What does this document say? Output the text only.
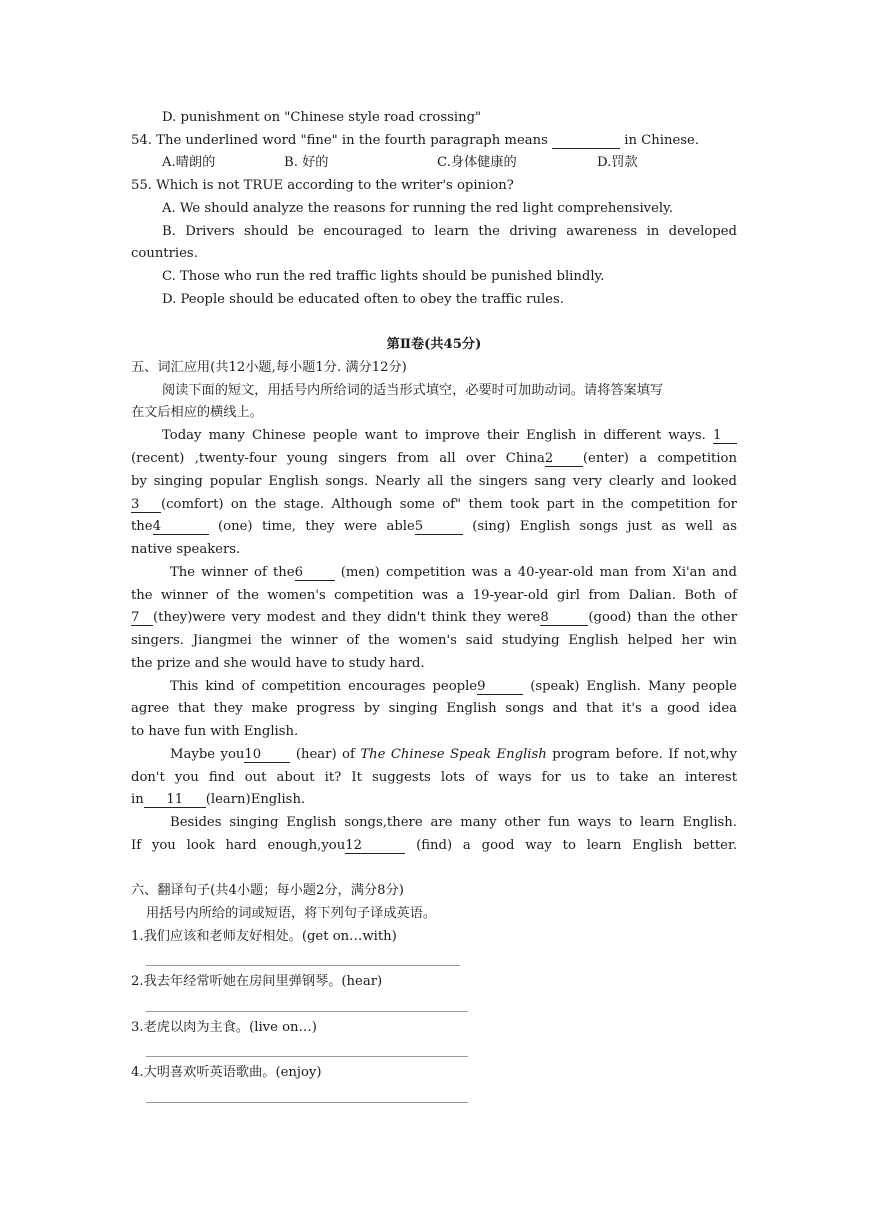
D. punishment on "Chinese style road crossing"
54. The underlined word "fine" in the fourth paragraph means	in Chinese.
A.晴朗的	B. 好的	C.身体健康的	D.罚款
55. Which is not TRUE according to the writer's opinion?
A. We should analyze the reasons for running the red light comprehensively.
B. Drivers should be encouraged to learn the driving awareness in developed
countries.
C. Those who run the red traffic lights should be punished blindly.
D. People should be educated often to obey the traffic rules.
第Ⅱ卷(共45分)
五、词汇应用(共12小题,每小题1分. 满分12分)
阅读下面的短文，用括号内所给词的适当形式填空，必要时可加助动词。请将答案填写
在文后相应的横线上。
Today many Chinese people want to improve their English in different ways. 1
(recent) ,twenty-four young singers from all over China2 (enter) a competition
by singing popular English songs. Nearly all the singers sang very clearly and looked
3 (comfort) on the stage. Although some of" them took part in the competition for
the4	(one) time, they were able5	(sing) English songs just as well as
native speakers.
The winner of the6	(men) competition was a 40-year-old man from Xi'an and
the winner of the women's competition was a 19-year-old girl from Dalian. Both of
7 (they)were very modest and they didn't think they were8	(good) than the other
singers. Jiangmei the winner of the women's said studying English helped her win
the prize and she would have to study hard.
This kind of competition encourages people9	(speak) English. Many people
agree that they make progress by singing English songs and that it's a good idea
to have fun with English.
Maybe you10	(hear) of The Chinese Speak English program before. If not,why
don't you find out about it? It suggests lots of ways for us to take an interest
in 11 (learn)English.
Besides singing English songs,there are many other fun ways to learn English.
If you look hard enough,you12	(find) a good way to learn English better.
六、翻译句子(共4小题；每小题2分，满分8分)
用括号内所给的词或短语，将下列句子译成英语。
1.我们应该和老师友好相处。(get on…with)
2.我去年经常听她在房间里弹钢琴。(hear)
3.老虎以肉为主食。(live on…)
4.大明喜欢听英语歌曲。(enjoy)
